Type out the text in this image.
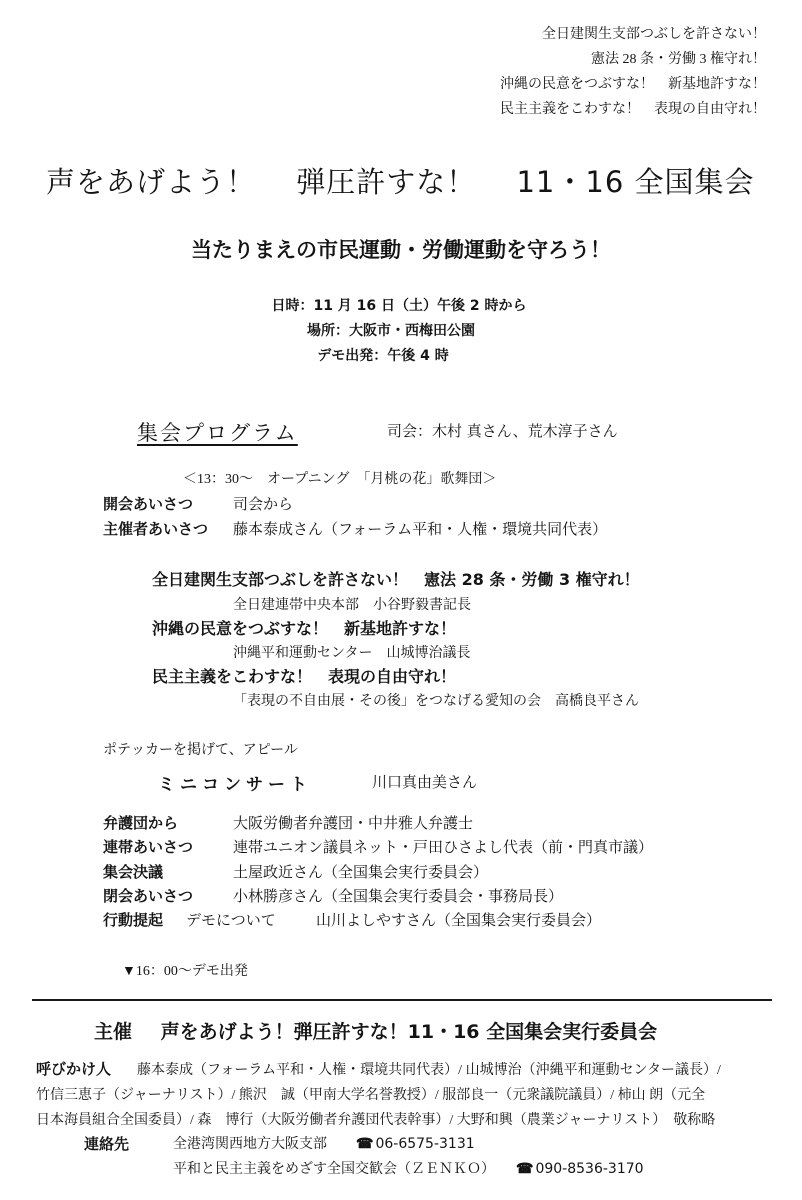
全日建関生支部つぶしを許さない！
憲法 28 条・労働 3 権守れ！
沖縄の民意をつぶすな！　新基地許すな！
民主主義をこわすな！　表現の自由守れ！
声をあげよう！ 弾圧許すな！ 11・16 全国集会
当たりまえの市民運動・労働運動を守ろう！
日時：11 月 16 日（土）午後 2 時から
場所：大阪市・西梅田公園
デモ出発：午後 4 時
集会プログラム	司会：木村 真さん、荒木淳子さん
＜13：30～　オープニング　「月桃の花」歌舞団＞
開会あいさつ	司会から
主催者あいさつ 藤本泰成さん（フォーラム平和・人権・環境共同代表）
全日建関生支部つぶしを許さない！　憲法 28 条・労働 3 権守れ！
全日建連帯中央本部　小谷野毅書記長
沖縄の民意をつぶすな！　新基地許すな！
沖縄平和運動センター　山城博治議長
民主主義をこわすな！　表現の自由守れ！
「表現の不自由展・その後」をつなげる愛知の会　高橋良平さん
ポテッカーを掲げて、アピール
ミニコンサート	川口真由美さん
弁護団から	大阪労働者弁護団・中井雅人弁護士
連帯あいさつ	連帯ユニオン議員ネット・戸田ひさよし代表（前・門真市議）
集会決議	土屋政近さん（全国集会実行委員会）
閉会あいさつ	小林勝彦さん（全国集会実行委員会・事務局長）
行動提起 デモについて	山川よしやすさん（全国集会実行委員会）
▼16：00～デモ出発
主催 声をあげよう！弾圧許すな！11・16 全国集会実行委員会
呼びかけ人 藤本泰成（フォーラム平和・人権・環境共同代表）/ 山城博治（沖縄平和運動センター議長）/
竹信三恵子（ジャーナリスト）/ 熊沢　誠（甲南大学名誉教授）/ 服部良一（元衆議院議員）/ 柿山 朗（元全
日本海員組合全国委員）/ 森　博行（大阪労働者弁護団代表幹事）/ 大野和興（農業ジャーナリスト）　敬称略
連絡先	全港湾関西地方大阪支部 ☎ 06-6575-3131
平和と民主主義をめざす全国交歓会（ＺＥＮＫＯ） ☎ 090-8536-3170
